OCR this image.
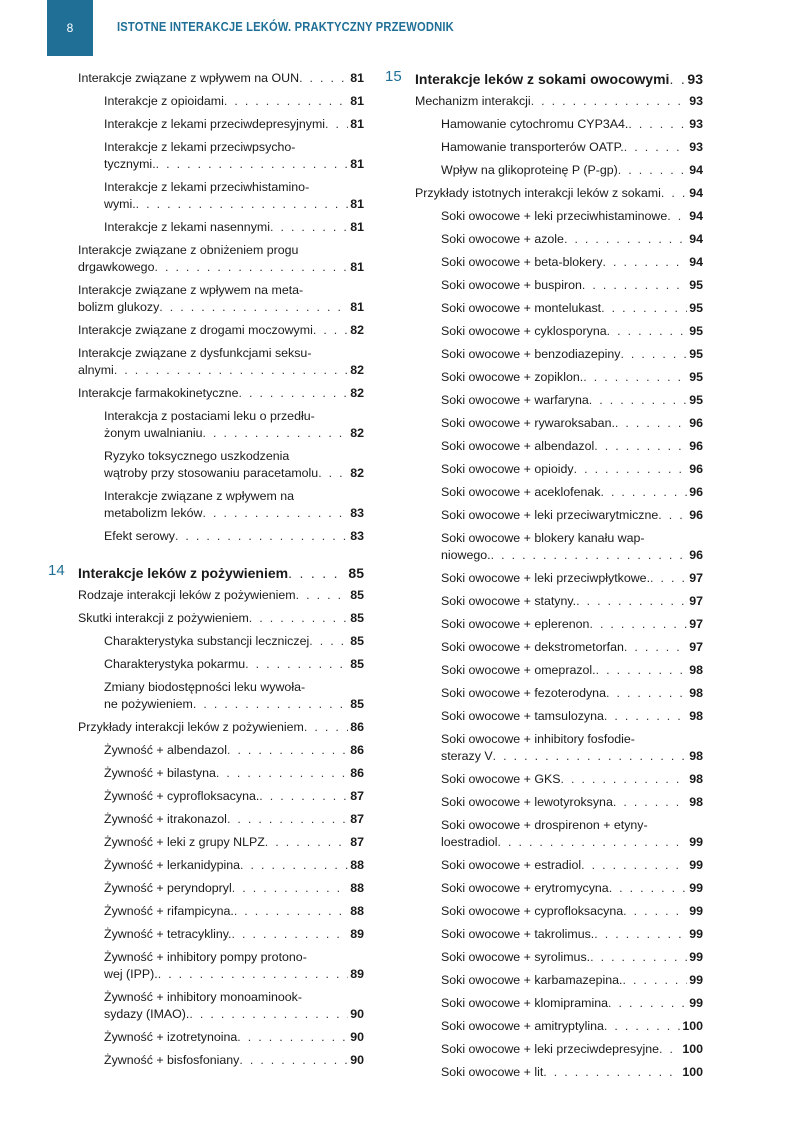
8	ISTOTNE INTERAKCJE LEKÓW. PRAKTYCZNY PRZEWODNIK
Interakcje związane z wpływem na OUN . . .	81
Interakcje z opioidami . . .	81
Interakcje z lekami przeciwdepresyjnymi . . . 81
Interakcje z lekami przeciwpsycho-
tycznymi. . . .	81
Interakcje z lekami przeciwhistamino-
wymi. . . .	81
Interakcje z lekami nasennymi . . .	81
Interakcje związane z obniżeniem progu
drgawkowego . . .	81
Interakcje związane z wpływem na meta-
bolizm glukozy . . .	81
Interakcje związane z drogami moczowymi . . .	82
Interakcje związane z dysfunkcjami seksu-
alnymi . . .	82
Interakcje farmakokinetyczne . . .	82
Interakcja z postaciami leku o przedłu-
żonym uwalnianiu . . .	82
Ryzyko toksycznego uszkodzenia
wątroby przy stosowaniu paracetamolu . . .	82
Interakcje związane z wpływem na
metabolizm leków . . .	83
Efekt serowy . . .	83
14 Interakcje leków z pożywieniem . . .	85
Rodzaje interakcji leków z pożywieniem . . .	85
Skutki interakcji z pożywieniem . . .	85
Charakterystyka substancji leczniczej . . .	85
Charakterystyka pokarmu . . .	85
Zmiany biodostępności leku wywoła-
ne pożywieniem . . .	85
Przykłady interakcji leków z pożywieniem . . .	86
Żywność + albendazol . . .	86
Żywność + bilastyna . . .	86
Żywność + cyprofloksacyna. . . .	87
Żywność + itrakonazol . . .	87
Żywność + leki z grupy NLPZ . . .	87
Żywność + lerkanidypina . . .	88
Żywność + peryndopryl . . .	88
Żywność + rifampicyna. . . .	88
Żywność + tetracykliny. . . .	89
Żywność + inhibitory pompy protono-
wej (IPP). . . .	89
Żywność + inhibitory monoaminook-
sydazy (IMAO). . . .	90
Żywność + izotretynoina . . .	90
Żywność + bisfosfoniany . . .	90
15 Interakcje leków z sokami owocowymi . . . 93
Mechanizm interakcji . . .	93
Hamowanie cytochromu CYP3A4. . . .	93
Hamowanie transporterów OATP. . . .	93
Wpływ na glikoproteinę P (P-gp) . . .	94
Przykłady istotnych interakcji leków z sokami . . . 94
Soki owocowe + leki przeciwhistaminowe . . . 94
Soki owocowe + azole . . .	94
Soki owocowe + beta-blokery . . .	94
Soki owocowe + buspiron . . .	95
Soki owocowe + montelukast . . .	95
Soki owocowe + cyklosporyna . . .	95
Soki owocowe + benzodiazepiny . . .	95
Soki owocowe + zopiklon. . . .	95
Soki owocowe + warfaryna . . .	95
Soki owocowe + rywaroksaban. . . .	96
Soki owocowe + albendazol . . .	96
Soki owocowe + opioidy . . .	96
Soki owocowe + aceklofenak . . .	96
Soki owocowe + leki przeciwarytmiczne . . . 96
Soki owocowe + blokery kanału wap-
niowego. . . .	96
Soki owocowe + leki przeciwpłytkowe. . . .	97
Soki owocowe + statyny. . . .	97
Soki owocowe + eplerenon . . .	97
Soki owocowe + dekstrometorfan . . .	97
Soki owocowe + omeprazol. . . .	98
Soki owocowe + fezoterodyna . . .	98
Soki owocowe + tamsulozyna . . .	98
Soki owocowe + inhibitory fosfodie-
sterazy V . . .	98
Soki owocowe + GKS . . .	98
Soki owocowe + lewotyroksyna . . .	98
Soki owocowe + drospirenon + etyny-
loestradiol . . .	99
Soki owocowe + estradiol . . .	99
Soki owocowe + erytromycyna . . .	99
Soki owocowe + cyprofloksacyna . . .	99
Soki owocowe + takrolimus. . . .	99
Soki owocowe + syrolimus. . . .	99
Soki owocowe + karbamazepina. . . .	99
Soki owocowe + klomipramina . . .	99
Soki owocowe + amitryptylina . . .	100
Soki owocowe + leki przeciwdepresyjne . . . 100
Soki owocowe + lit . . .	100
